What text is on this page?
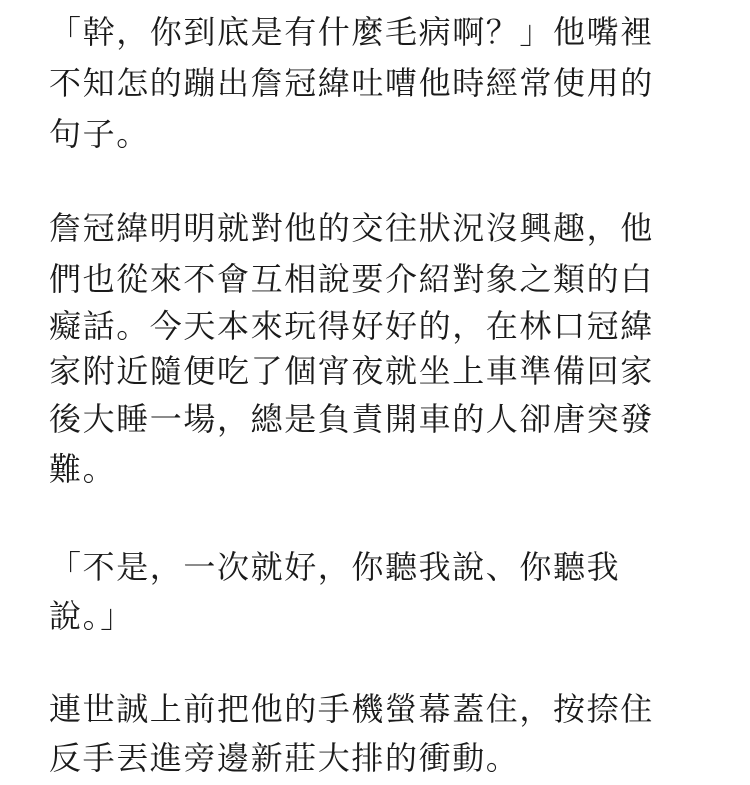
「幹，你到底是有什麼毛病啊？」他嘴裡
不知怎的蹦出詹冠緯吐嘈他時經常使用的
句子。
詹冠緯明明就對他的交往狀況沒興趣，他
們也從來不會互相說要介紹對象之類的白
癡話。今天本來玩得好好的，在林口冠緯
家附近隨便吃了個宵夜就坐上車準備回家
後大睡一場，總是負責開車的人卻唐突發
難。
「不是，一次就好，你聽我說、你聽我
說。」
連世誠上前把他的手機螢幕蓋住，按捺住
反手丟進旁邊新莊大排的衝動。
